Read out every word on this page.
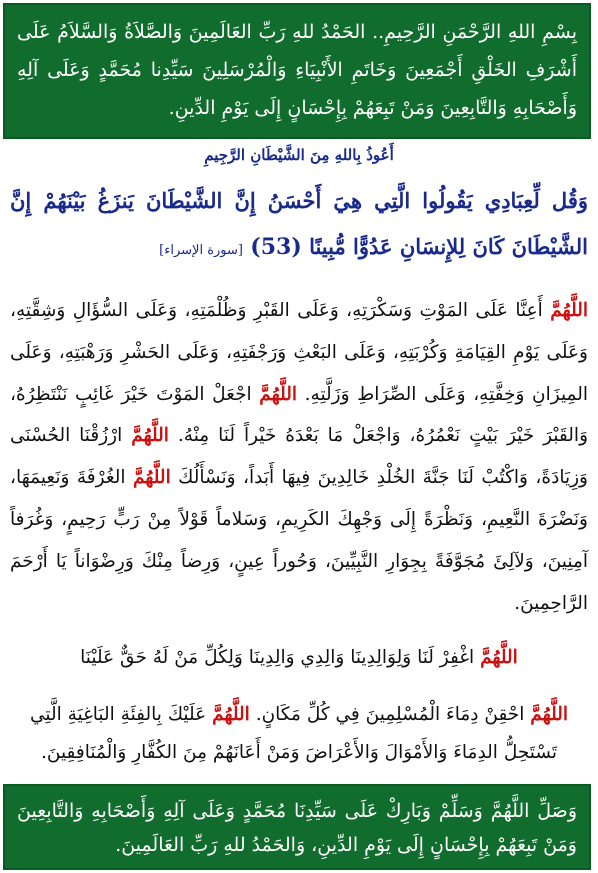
بِسْمِ اللهِ الرَّحْمَنِ الرَّحِيمِ.. الحَمْدُ للهِ رَبِّ العَالَمِينَ وَالصَّلاَةُ وَالسَّلاَمُ عَلَى أَشْرَفِ الخَلْقِ أَجْمَعِينَ وَخَاتَمِ الأَنْبِيَاءِ وَالْمُرْسَلِينَ سَيِّدِنا مُحَمَّدٍ وَعَلَى آلِهِ وَأَصْحَابِهِ وَالتَّابِعِينَ وَمَنْ تَبِعَهُمْ بِإِحْسَانٍ إِلَى يَوْمِ الدِّينِ.
أَعُوذُ بِاللهِ مِنَ الشَّيْطَانِ الرَّجِيمِ
وَقُل لِّعِبَادِي يَقُولُوا الَّتِي هِيَ أَحْسَنُ إِنَّ الشَّيْطَانَ يَنزَغُ بَيْنَهُمْ إِنَّ الشَّيْطَانَ كَانَ لِلإِنسَانِ عَدُوًّا مُّبِينًا (53) [سورة الإسراء]
اللَّهُمَّ أَعِنَّا عَلَى المَوْتِ وَسَكْرَتِهِ، وَعَلَى القَبْرِ وَظُلْمَتِهِ، وَعَلَى السُّؤَالِ وَشِقَّتِهِ، وَعَلَى يَوْمِ القِيَامَةِ وَكُرْبَتِهِ، وَعَلَى البَعْثِ وَرَجْفَتِهِ، وَعَلَى الحَشْرِ وَرَهْبَتِهِ، وَعَلَى المِيزَانِ وَخِفَّتِهِ، وَعَلَى الصِّرَاطِ وَزَلَّتِهِ. اللَّهُمَّ اجْعَلْ المَوْتَ خَيْرَ غَائِبٍ نَنْتَظِرُهُ، وَالقَبْرَ خَيْرَ بَيْتٍ نَعْمُرُهُ، وَاجْعَلْ مَا بَعْدَهُ خَيْراً لَنَا مِنْهُ. اللَّهُمَّ ارْزُقْنَا الحُسْنَى وَزِيَادَةً، وَاكْتُبْ لَنَا جَنَّةَ الخُلْدِ خَالِدِينَ فِيهَا أَبَداً، وَنَسْأَلُكَ اللَّهُمَّ الغُرْفَةَ وَنَعِيمَهَا، وَنَضْرَةَ النَّعِيمِ، وَنَظْرَةً إِلَى وَجْهِكَ الكَرِيمِ، وَسَلاماً قَوْلاً مِنْ رَبٍّ رَحِيمٍ، وَغُرَفاً آمِنِينَ، وَلآلِئَ مُجَوَّفَةً بِجِوَارِ النَّبِيِّينَ، وَحُوراً عِينٍ، وَرِضاً مِنْكَ وَرِضْوَاناً يَا أَرْحَمَ الرَّاحِمِينَ.
اللَّهُمَّ اغْفِرْ لَنَا وَلِوَالِدِينَا وَالِدِي وَالِدِينَا وَلِكُلِّ مَنْ لَهُ حَقٌّ عَلَيْنَا
اللَّهُمَّ احْقِنْ دِمَاءَ الْمُسْلِمِينَ فِي كُلِّ مَكَانٍ. اللَّهُمَّ عَلَيْكَ بِالفِئَةِ البَاغِيَةِ الَّتِي تَسْتَحِلُّ الدِمَاءَ وَالأَمْوَالَ وَالأَعْرَاضَ وَمَنْ أَعَانَهُمْ مِنَ الكُفَّارِ وَالْمُنَافِقِينَ.
وَصَلِّ اللَّهُمَّ وَسَلِّمْ وَبَارِكْ عَلَى سَيِّدِنَا مُحَمَّدٍ وَعَلَى آلِهِ وَأَصْحَابِهِ وَالتَّابِعِينَ وَمَنْ تَبِعَهُمْ بِإِحْسَانٍ إِلَى يَوْمِ الدِّينِ، وَالحَمْدُ للهِ رَبِّ العَالَمِينَ.
